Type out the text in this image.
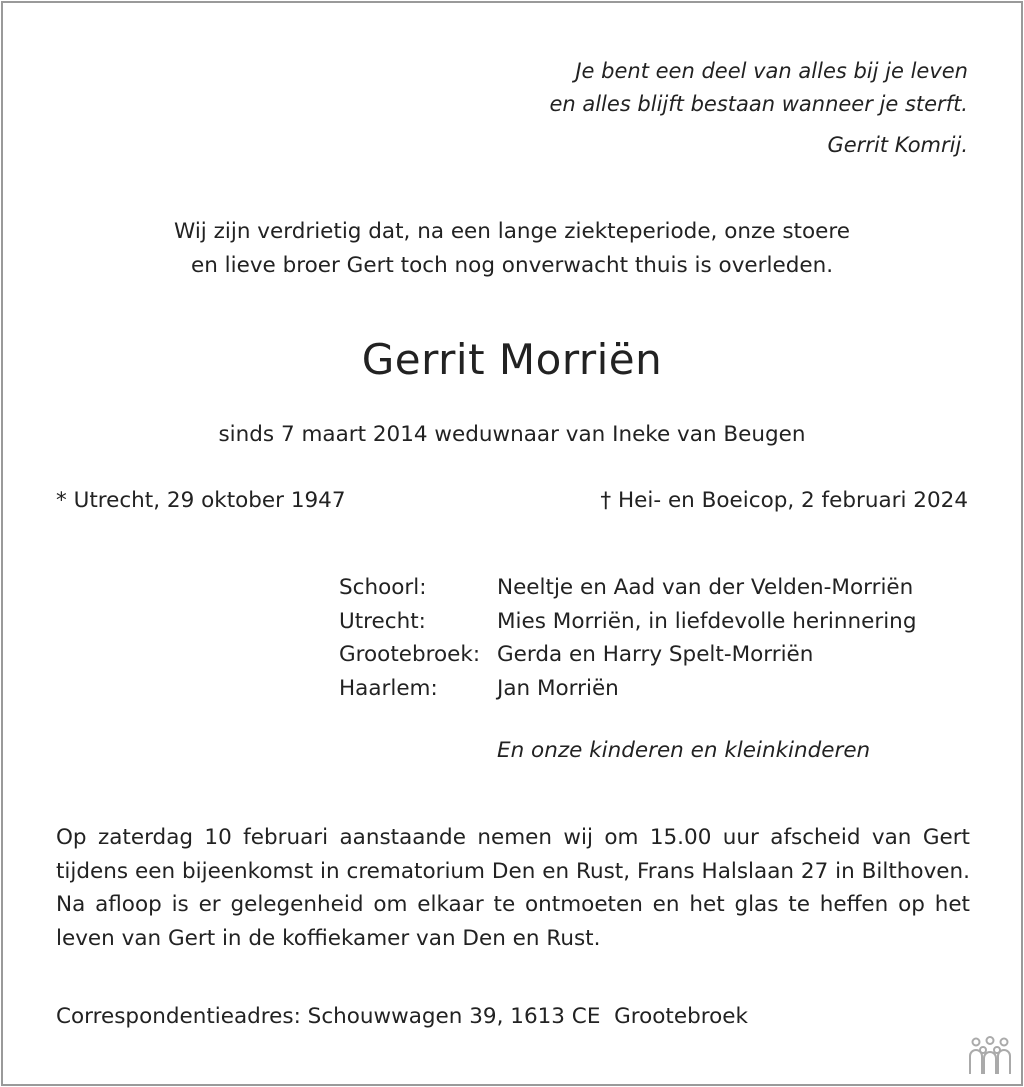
Je bent een deel van alles bij je leven
en alles blijft bestaan wanneer je sterft.
Gerrit Komrij.
Wij zijn verdrietig dat, na een lange ziekteperiode, onze stoere
en lieve broer Gert toch nog onverwacht thuis is overleden.
Gerrit Morriën
sinds 7 maart 2014 weduwnaar van Ineke van Beugen
* Utrecht, 29 oktober 1947	† Hei- en Boeicop, 2 februari 2024
Schoorl:	Neeltje en Aad van der Velden-Morriën
Utrecht:	Mies Morriën, in liefdevolle herinnering
Grootebroek: Gerda en Harry Spelt-Morriën
Haarlem:	Jan Morriën
En onze kinderen en kleinkinderen
Op zaterdag 10 februari aanstaande nemen wij om 15.00 uur afscheid van Gert tijdens een bijeenkomst in crematorium Den en Rust, Frans Halslaan 27 in Bilthoven. Na afloop is er gelegenheid om elkaar te ontmoeten en het glas te heffen op het leven van Gert in de koffiekamer van Den en Rust.
Correspondentieadres: Schouwwagen 39, 1613 CE  Grootebroek
